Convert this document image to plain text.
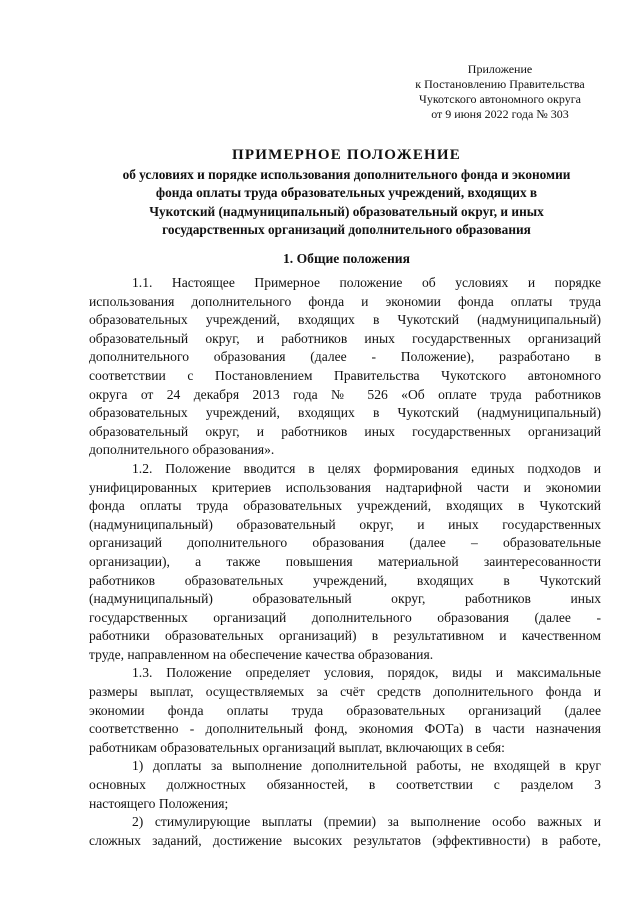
Приложение
к Постановлению Правительства
Чукотского автономного округа
от 9 июня 2022 года № 303
ПРИМЕРНОЕ ПОЛОЖЕНИЕ
об условиях и порядке использования дополнительного фонда и экономии
фонда оплаты труда образовательных учреждений, входящих в
Чукотский (надмуниципальный) образовательный округ, и иных
государственных организаций дополнительного образования
1. Общие положения
1.1. Настоящее Примерное положение об условиях и порядке
использования дополнительного фонда и экономии фонда оплаты труда
образовательных учреждений, входящих в Чукотский (надмуниципальный)
образовательный округ, и работников иных государственных организаций
дополнительного образования (далее - Положение), разработано в
соответствии с Постановлением Правительства Чукотского автономного
округа от 24 декабря 2013 года № 526 «Об оплате труда работников
образовательных учреждений, входящих в Чукотский (надмуниципальный)
образовательный округ, и работников иных государственных организаций
дополнительного образования».
1.2. Положение вводится в целях формирования единых подходов и
унифицированных критериев использования надтарифной части и экономии
фонда оплаты труда образовательных учреждений, входящих в Чукотский
(надмуниципальный) образовательный округ, и иных государственных
организаций дополнительного образования (далее – образовательные
организации), а также повышения материальной заинтересованности
работников образовательных учреждений, входящих в Чукотский
(надмуниципальный) образовательный округ, работников иных
государственных организаций дополнительного образования (далее -
работники образовательных организаций) в результативном и качественном
труде, направленном на обеспечение качества образования.
1.3. Положение определяет условия, порядок, виды и максимальные
размеры выплат, осуществляемых за счёт средств дополнительного фонда и
экономии фонда оплаты труда образовательных организаций (далее
соответственно - дополнительный фонд, экономия ФОТа) в части назначения
работникам образовательных организаций выплат, включающих в себя:
1) доплаты за выполнение дополнительной работы, не входящей в круг
основных должностных обязанностей, в соответствии с разделом 3
настоящего Положения;
2) стимулирующие выплаты (премии) за выполнение особо важных и
сложных заданий, достижение высоких результатов (эффективности) в работе,
